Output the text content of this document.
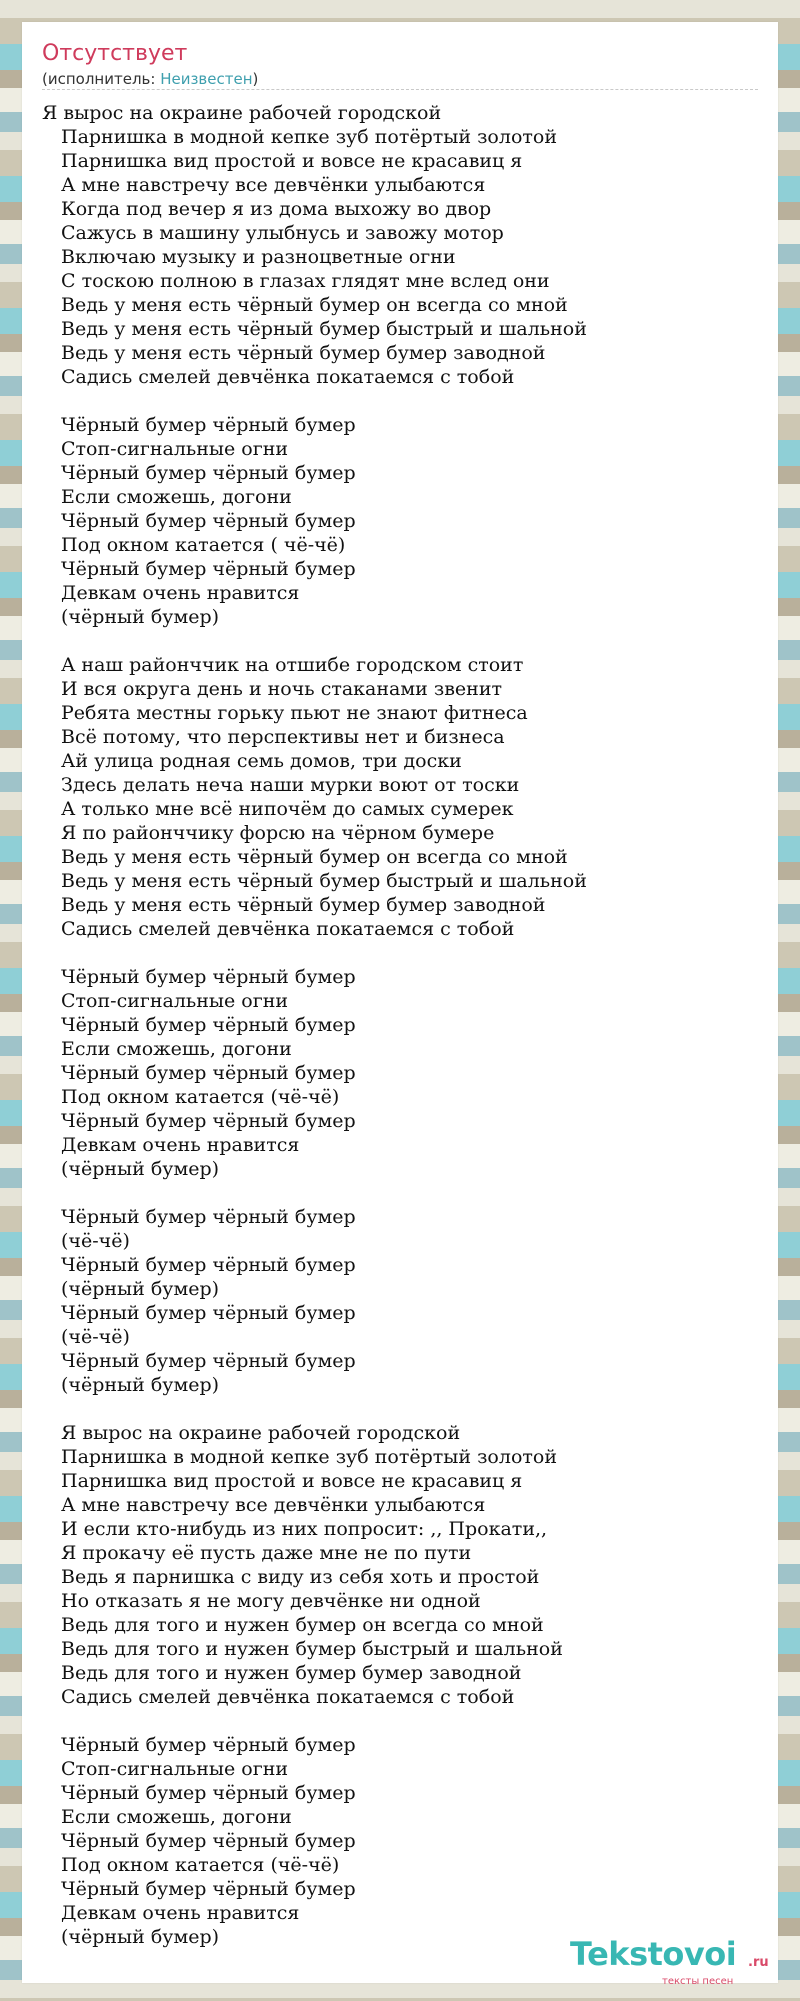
Отсутствует
(исполнитель: Неизвестен)
Я вырос на окраине рабочей городской
Парнишка в модной кепке зуб потёртый золотой
Парнишка вид простой и вовсе не красавиц я
А мне навстречу все девчёнки улыбаются
Когда под вечер я из дома выхожу во двор
Сажусь в машину улыбнусь и завожу мотор
Включаю музыку и разноцветные огни
С тоскою полною в глазах глядят мне вслед они
Ведь у меня есть чёрный бумер он всегда со мной
Ведь у меня есть чёрный бумер быстрый и шальной
Ведь у меня есть чёрный бумер бумер заводной
Садись смелей девчёнка покатаемся с тобой
Чёрный бумер чёрный бумер
Стоп-сигнальные огни
Чёрный бумер чёрный бумер
Если сможешь, догони
Чёрный бумер чёрный бумер
Под окном катается ( чё-чё)
Чёрный бумер чёрный бумер
Девкам очень нравится
(чёрный бумер)
А наш районччик на отшибе городском стоит
И вся округа день и ночь стаканами звенит
Ребята местны горьку пьют не знают фитнеса
Всё потому, что перспективы нет и бизнеса
Ай улица родная семь домов, три доски
Здесь делать неча наши мурки воют от тоски
А только мне всё нипочём до самых сумерек
Я по районччику форсю на чёрном бумере
Ведь у меня есть чёрный бумер он всегда со мной
Ведь у меня есть чёрный бумер быстрый и шальной
Ведь у меня есть чёрный бумер бумер заводной
Садись смелей девчёнка покатаемся с тобой
Чёрный бумер чёрный бумер
Стоп-сигнальные огни
Чёрный бумер чёрный бумер
Если сможешь, догони
Чёрный бумер чёрный бумер
Под окном катается (чё-чё)
Чёрный бумер чёрный бумер
Девкам очень нравится
(чёрный бумер)
Чёрный бумер чёрный бумер
(чё-чё)
Чёрный бумер чёрный бумер
(чёрный бумер)
Чёрный бумер чёрный бумер
(чё-чё)
Чёрный бумер чёрный бумер
(чёрный бумер)
Я вырос на окраине рабочей городской
Парнишка в модной кепке зуб потёртый золотой
Парнишка вид простой и вовсе не красавиц я
А мне навстречу все девчёнки улыбаются
И если кто-нибудь из них попросит: ,, Прокати,,
Я прокачу её пусть даже мне не по пути
Ведь я парнишка с виду из себя хоть и простой
Но отказать я не могу девчёнке ни одной
Ведь для того и нужен бумер он всегда со мной
Ведь для того и нужен бумер быстрый и шальной
Ведь для того и нужен бумер бумер заводной
Садись смелей девчёнка покатаемся с тобой
Чёрный бумер чёрный бумер
Стоп-сигнальные огни
Чёрный бумер чёрный бумер
Если сможешь, догони
Чёрный бумер чёрный бумер
Под окном катается (чё-чё)
Чёрный бумер чёрный бумер
Девкам очень нравится
(чёрный бумер)	Tekstovoi .ru
тексты песен
